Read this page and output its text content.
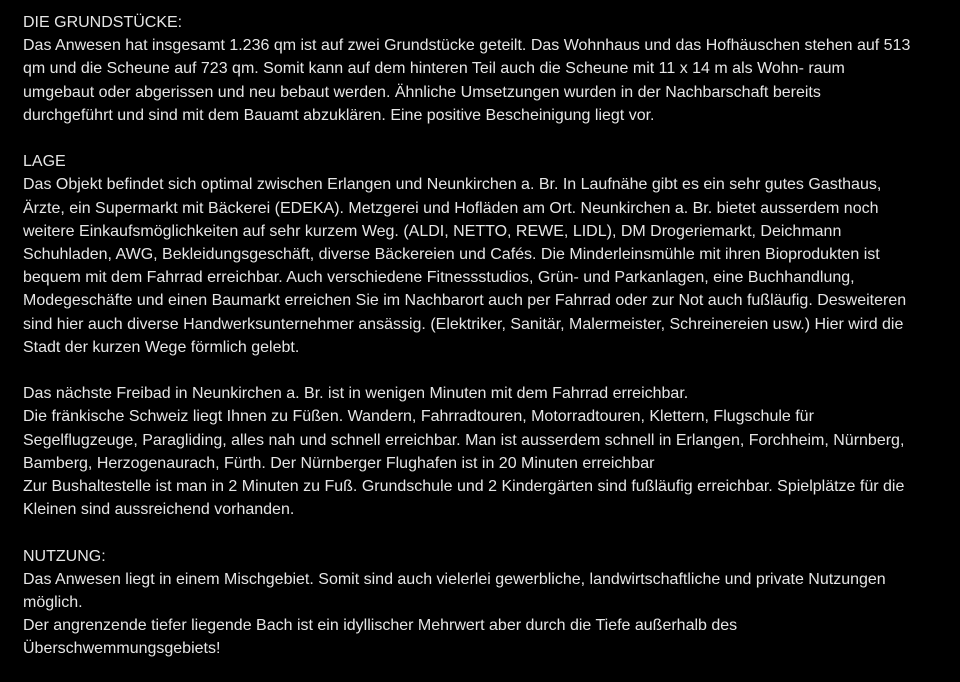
DIE GRUNDSTÜCKE:

Das Anwesen hat insgesamt 1.236 qm ist auf zwei Grundstücke geteilt. Das Wohnhaus und das Hofhäuschen stehen auf 513

qm und die Scheune auf 723 qm. Somit kann auf dem hinteren Teil auch die Scheune mit 11 x 14 m als Wohn- raum

umgebaut oder abgerissen und neu bebaut werden. Ähnliche Umsetzungen wurden in der Nachbarschaft bereits

durchgeführt und sind mit dem Bauamt abzuklären. Eine positive Bescheinigung liegt vor.

LAGE

Das Objekt befindet sich optimal zwischen Erlangen und Neunkirchen a. Br. In Laufnähe gibt es ein sehr gutes Gasthaus,

Ärzte, ein Supermarkt mit Bäckerei (EDEKA). Metzgerei und Hofläden am Ort. Neunkirchen a. Br. bietet ausserdem noch

weitere Einkaufsmöglichkeiten auf sehr kurzem Weg. (ALDI, NETTO, REWE, LIDL), DM Drogeriemarkt, Deichmann

Schuhladen, AWG, Bekleidungsgeschäft, diverse Bäckereien und Cafés. Die Minderleinsmühle mit ihren Bioprodukten ist

bequem mit dem Fahrrad erreichbar. Auch verschiedene Fitnessstudios, Grün- und Parkanlagen, eine Buchhandlung,

Modegeschäfte und einen Baumarkt erreichen Sie im Nachbarort auch per Fahrrad oder zur Not auch fußläufig. Desweiteren

sind hier auch diverse Handwerksunternehmer ansässig. (Elektriker, Sanitär, Malermeister, Schreinereien usw.) Hier wird die

Stadt der kurzen Wege förmlich gelebt.

Das nächste Freibad in Neunkirchen a. Br. ist in wenigen Minuten mit dem Fahrrad erreichbar.

Die fränkische Schweiz liegt Ihnen zu Füßen. Wandern, Fahrradtouren, Motorradtouren, Klettern, Flugschule für

Segelflugzeuge, Paragliding, alles nah und schnell erreichbar. Man ist ausserdem schnell in Erlangen, Forchheim, Nürnberg,

Bamberg, Herzogenaurach, Fürth. Der Nürnberger Flughafen ist in 20 Minuten erreichbar

Zur Bushaltestelle ist man in 2 Minuten zu Fuß. Grundschule und 2 Kindergärten sind fußläufig erreichbar. Spielplätze für die

Kleinen sind aussreichend vorhanden.

NUTZUNG:

Das Anwesen liegt in einem Mischgebiet. Somit sind auch vielerlei gewerbliche, landwirtschaftliche und private Nutzungen

möglich.

Der angrenzende tiefer liegende Bach ist ein idyllischer Mehrwert aber durch die Tiefe außerhalb des

Überschwemmungsgebiets!
